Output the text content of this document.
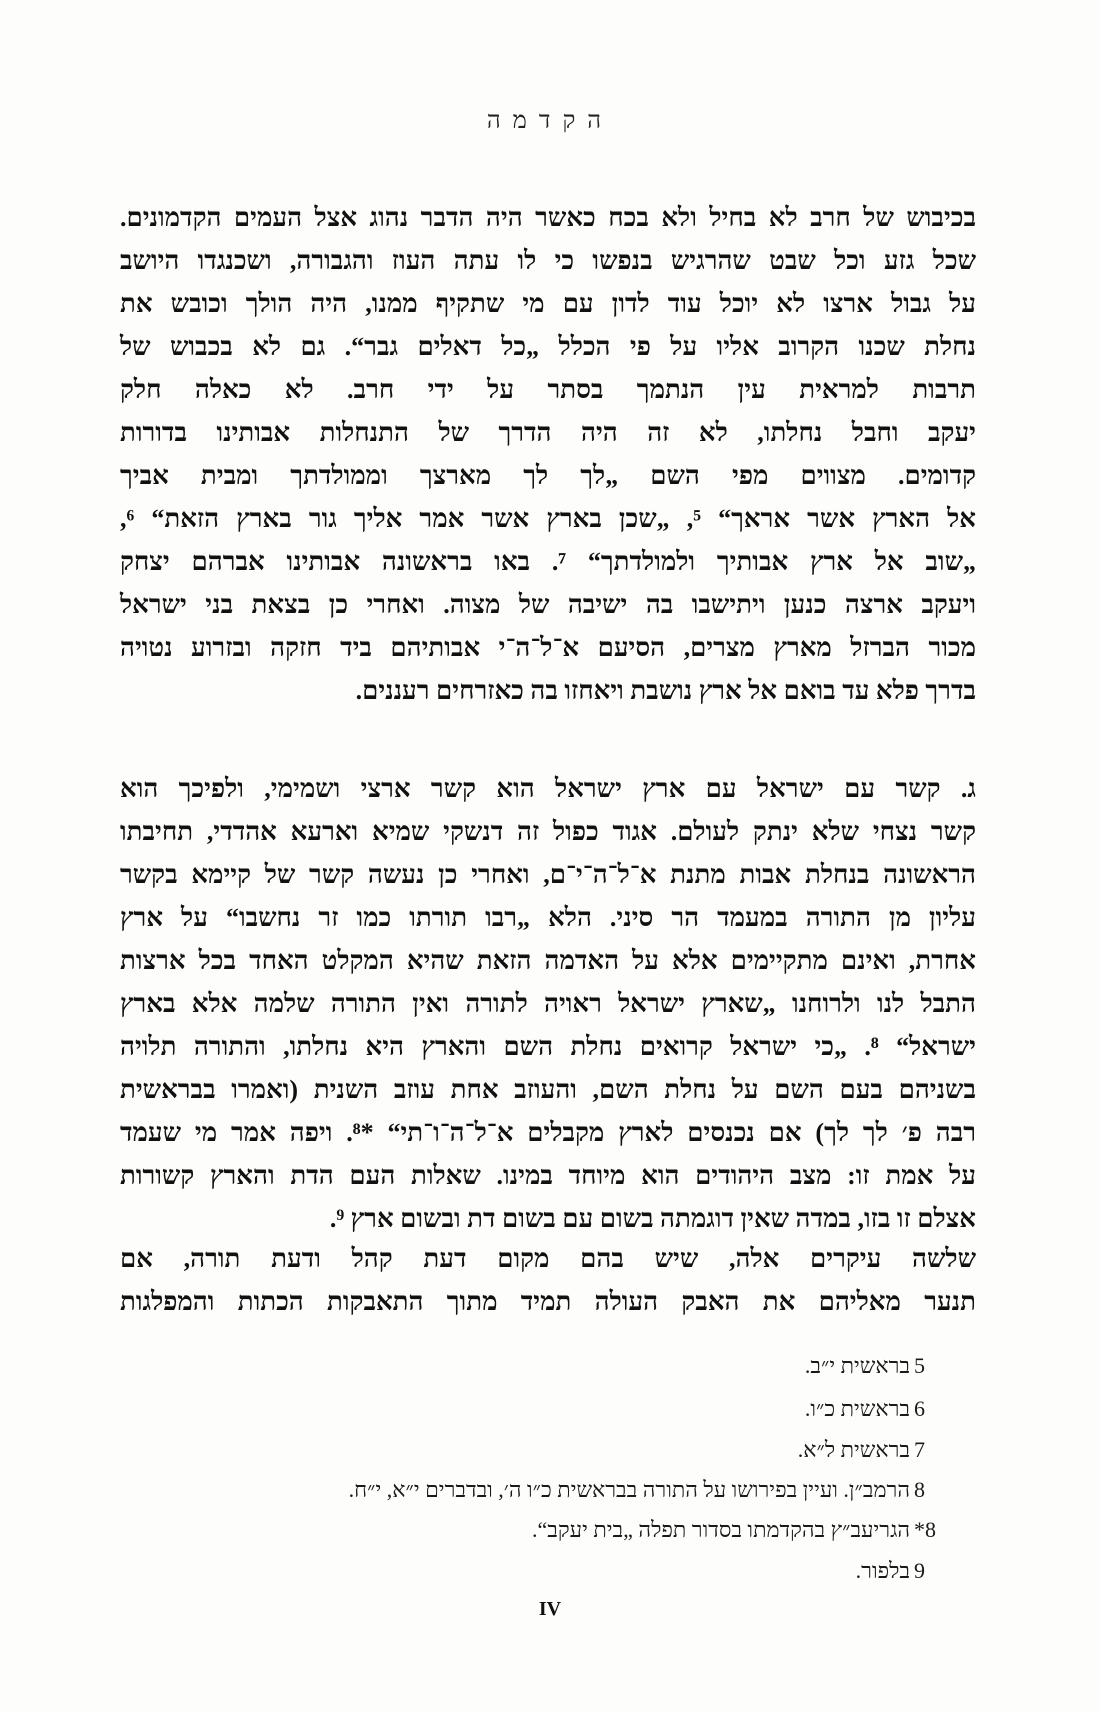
הקדמה
בכיבוש של חרב לא בחיל ולא בכח כאשר היה הדבר נהוג אצל העמים הקדמונים.
שכל גזע וכל שבט שהרגיש בנפשו כי לו עתה העוז והגבורה, ושכנגדו היושב
על גבול ארצו לא יוכל עוד לדון עם מי שתקיף ממנו, היה הולך וכובש את
נחלת שכנו הקרוב אליו על פי הכלל „כל דאלים גבר“. גם לא בכבוש של
תרבות למראית עין הנתמך בסתר על ידי חרב. לא כאלה חלק
יעקב וחבל נחלתו, לא זה היה הדרך של התנחלות אבותינו בדורות
קדומים. מצווים מפי השם „לך לך מארצך וממולדתך ומבית אביך
אל הארץ אשר אראך“ ⁵, „שכן בארץ אשר אמר אליך גור בארץ הזאת“ ⁶,
„שוב אל ארץ אבותיך ולמולדתך“ ⁷. באו בראשונה אבותינו אברהם יצחק
ויעקב ארצה כנען ויתישבו בה ישיבה של מצוה. ואחרי כן בצאת בני ישראל
מכור הברזל מארץ מצרים, הסיעם א־ל־ה־י אבותיהם ביד חזקה ובזרוע נטויה
בדרך פלא עד בואם אל ארץ נושבת ויאחזו בה כאזרחים רעננים.
ג. קשר עם ישראל עם ארץ ישראל הוא קשר ארצי ושמימי, ולפיכך הוא
קשר נצחי שלא ינתק לעולם. אגוד כפול זה דנשקי שמיא וארעא אהדדי, תחיבתו
הראשונה בנחלת אבות מתנת א־ל־ה־י־ם, ואחרי כן נעשה קשר של קיימא בקשר
עליון מן התורה במעמד הר סיני. הלא „רבו תורתו כמו זר נחשבו“ על ארץ
אחרת, ואינם מתקיימים אלא על האדמה הזאת שהיא המקלט האחד בכל ארצות
התבל לנו ולרוחנו „שארץ ישראל ראויה לתורה ואין התורה שלמה אלא בארץ
ישראל“ ⁸. „כי ישראל קרואים נחלת השם והארץ היא נחלתו, והתורה תלויה
בשניהם בעם השם על נחלת השם, והעוזב אחת עוזב השנית (ואמרו בבראשית
רבה פ׳ לך לך) אם נכנסים לארץ מקבלים א־ל־ה־ו־תי“ *⁸. ויפה אמר מי שעמד
על אמת זו: מצב היהודים הוא מיוחד במינו. שאלות העם הדת והארץ קשורות
אצלם זו בזו, במדה שאין דוגמתה בשום עם בשום דת ובשום ארץ ⁹.
שלשה עיקרים אלה, שיש בהם מקום דעת קהל ודעת תורה, אם
תנער מאליהם את האבק העולה תמיד מתוך התאבקות הכתות והמפלגות
5
בראשית י״ב.
6
בראשית כ״ו.
7
בראשית ל״א.
8
הרמב״ן. ועיין בפירושו על התורה בבראשית כ״ו ה׳, ובדברים י״א, י״ח.
*8
הגריעב״ץ בהקדמתו בסדור תפלה „בית יעקב“.
9
בלפור.
IV
